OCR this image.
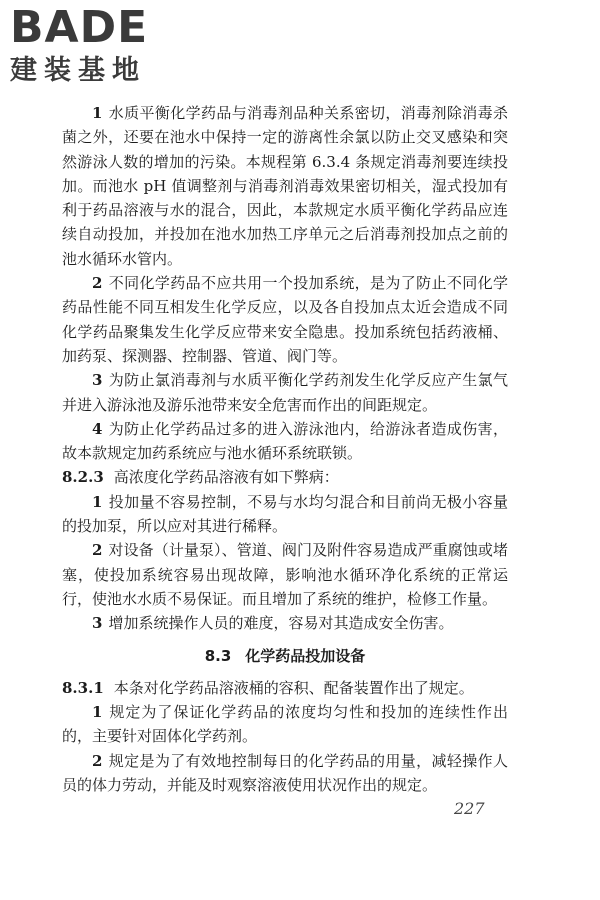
BADE
建装基地

1 水质平衡化学药品与消毒剂品种关系密切，消毒剂除消毒杀菌之外，还要在池水中保持一定的游离性余氯以防止交叉感染和突然游泳人数的增加的污染。本规程第 6.3.4 条规定消毒剂要连续投加。而池水 pH 值调整剂与消毒剂消毒效果密切相关，湿式投加有利于药品溶液与水的混合，因此，本款规定水质平衡化学药品应连续自动投加，并投加在池水加热工序单元之后消毒剂投加点之前的池水循环水管内。

2 不同化学药品不应共用一个投加系统，是为了防止不同化学药品性能不同互相发生化学反应，以及各自投加点太近会造成不同化学药品聚集发生化学反应带来安全隐患。投加系统包括药液桶、加药泵、探测器、控制器、管道、阀门等。

3 为防止氯消毒剂与水质平衡化学药剂发生化学反应产生氯气并进入游泳池及游乐池带来安全危害而作出的间距规定。

4 为防止化学药品过多的进入游泳池内，给游泳者造成伤害，故本款规定加药系统应与池水循环系统联锁。

8.2.3 高浓度化学药品溶液有如下弊病：

1 投加量不容易控制，不易与水均匀混合和目前尚无极小容量的投加泵，所以应对其进行稀释。

2 对设备（计量泵）、管道、阀门及附件容易造成严重腐蚀或堵塞，使投加系统容易出现故障，影响池水循环净化系统的正常运行，使池水水质不易保证。而且增加了系统的维护，检修工作量。

3 增加系统操作人员的难度，容易对其造成安全伤害。

8.3 化学药品投加设备

8.3.1 本条对化学药品溶液桶的容积、配备装置作出了规定。

1 规定为了保证化学药品的浓度均匀性和投加的连续性作出的，主要针对固体化学药剂。

2 规定是为了有效地控制每日的化学药品的用量，减轻操作人员的体力劳动，并能及时观察溶液使用状况作出的规定。

227
